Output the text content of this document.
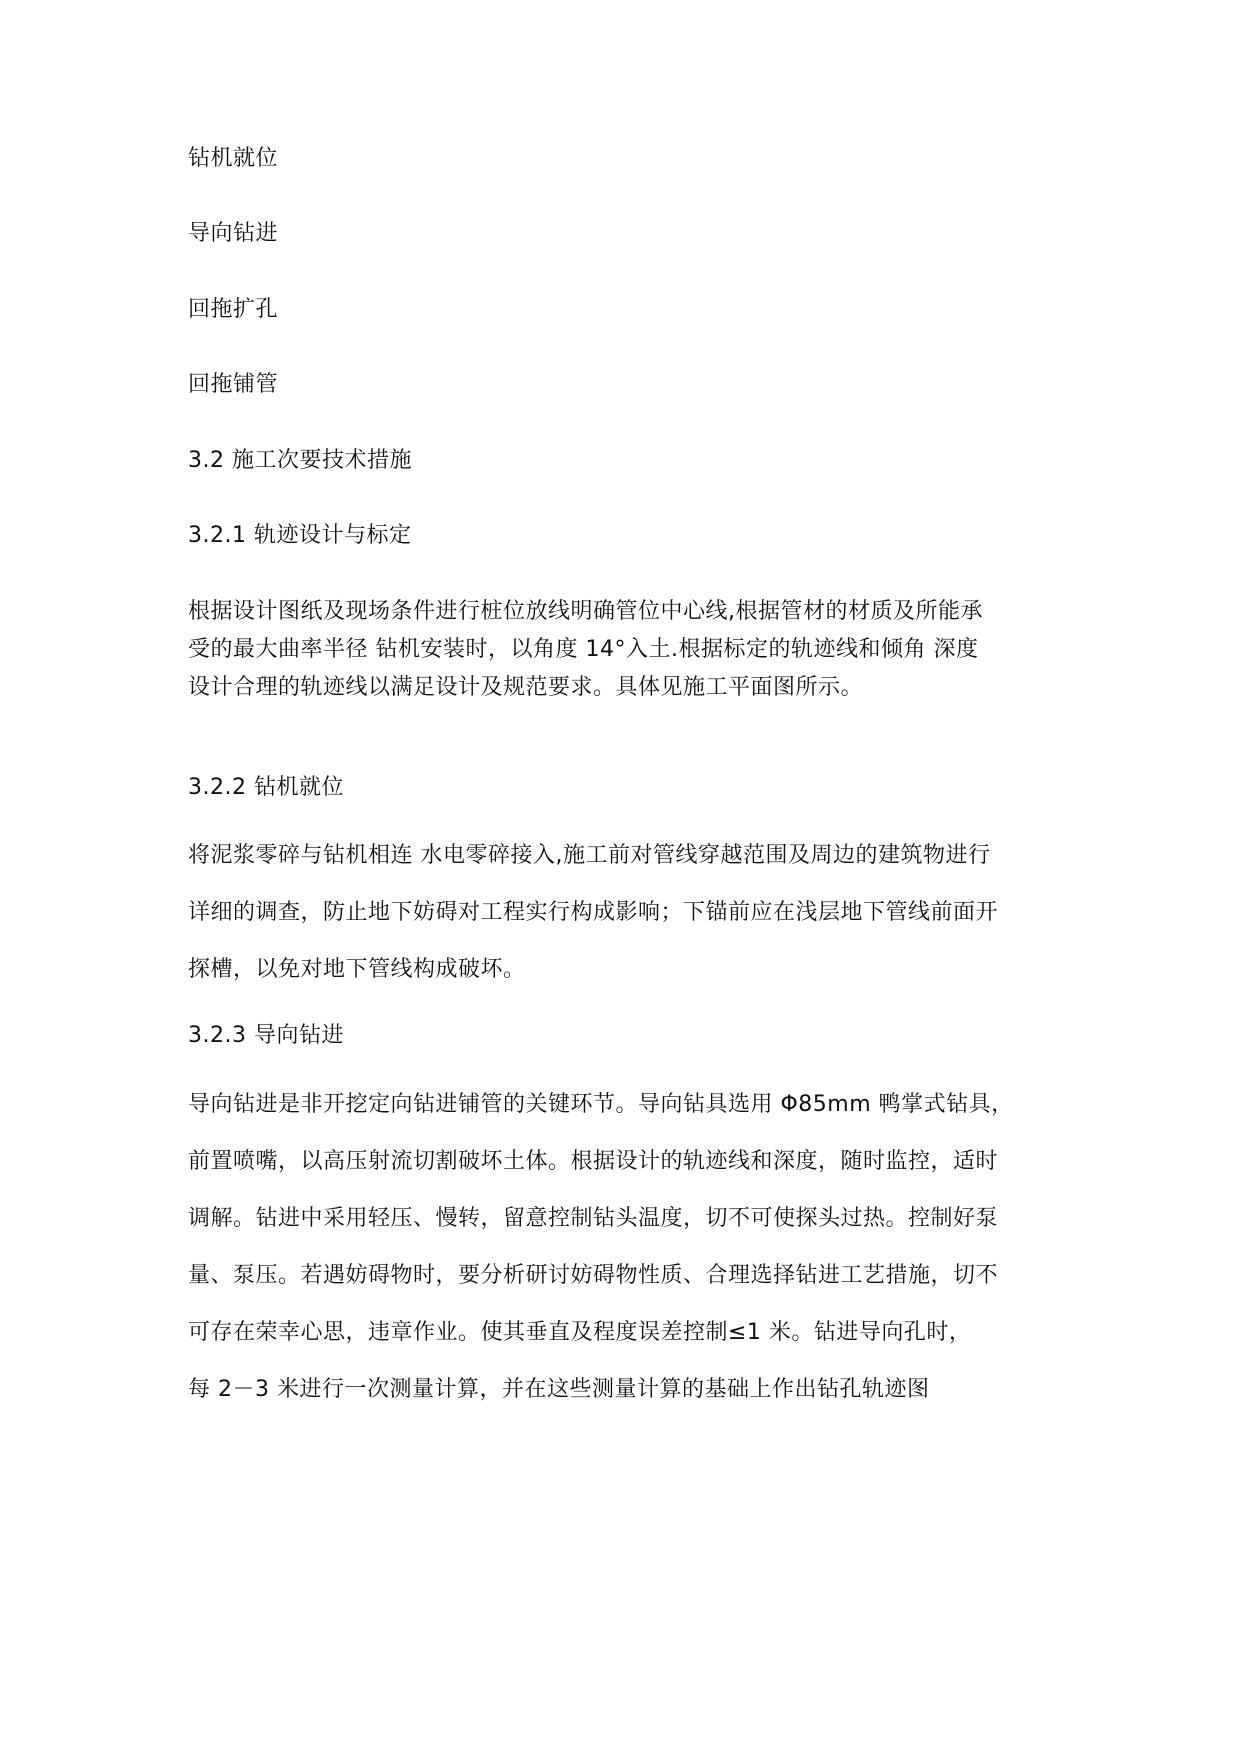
钻机就位
导向钻进
回拖扩孔
回拖铺管
3.2 施工次要技术措施
3.2.1 轨迹设计与标定
根据设计图纸及现场条件进行桩位放线明确管位中心线,根据管材的材质及所能承
受的最大曲率半径 钻机安装时，以角度 14°入土.根据标定的轨迹线和倾角 深度
设计合理的轨迹线以满足设计及规范要求。具体见施工平面图所示。
3.2.2 钻机就位
将泥浆零碎与钻机相连 水电零碎接入,施工前对管线穿越范围及周边的建筑物进行
详细的调查，防止地下妨碍对工程实行构成影响；下锚前应在浅层地下管线前面开
探槽，以免对地下管线构成破坏。
3.2.3 导向钻进
导向钻进是非开挖定向钻进铺管的关键环节。导向钻具选用 Φ85mm 鸭掌式钻具，
前置喷嘴，以高压射流切割破坏土体。根据设计的轨迹线和深度，随时监控，适时
调解。钻进中采用轻压、慢转，留意控制钻头温度，切不可使探头过热。控制好泵
量、泵压。若遇妨碍物时，要分析研讨妨碍物性质、合理选择钻进工艺措施，切不
可存在荣幸心思，违章作业。使其垂直及程度误差控制≤1 米。钻进导向孔时，
每 2－3 米进行一次测量计算，并在这些测量计算的基础上作出钻孔轨迹图
